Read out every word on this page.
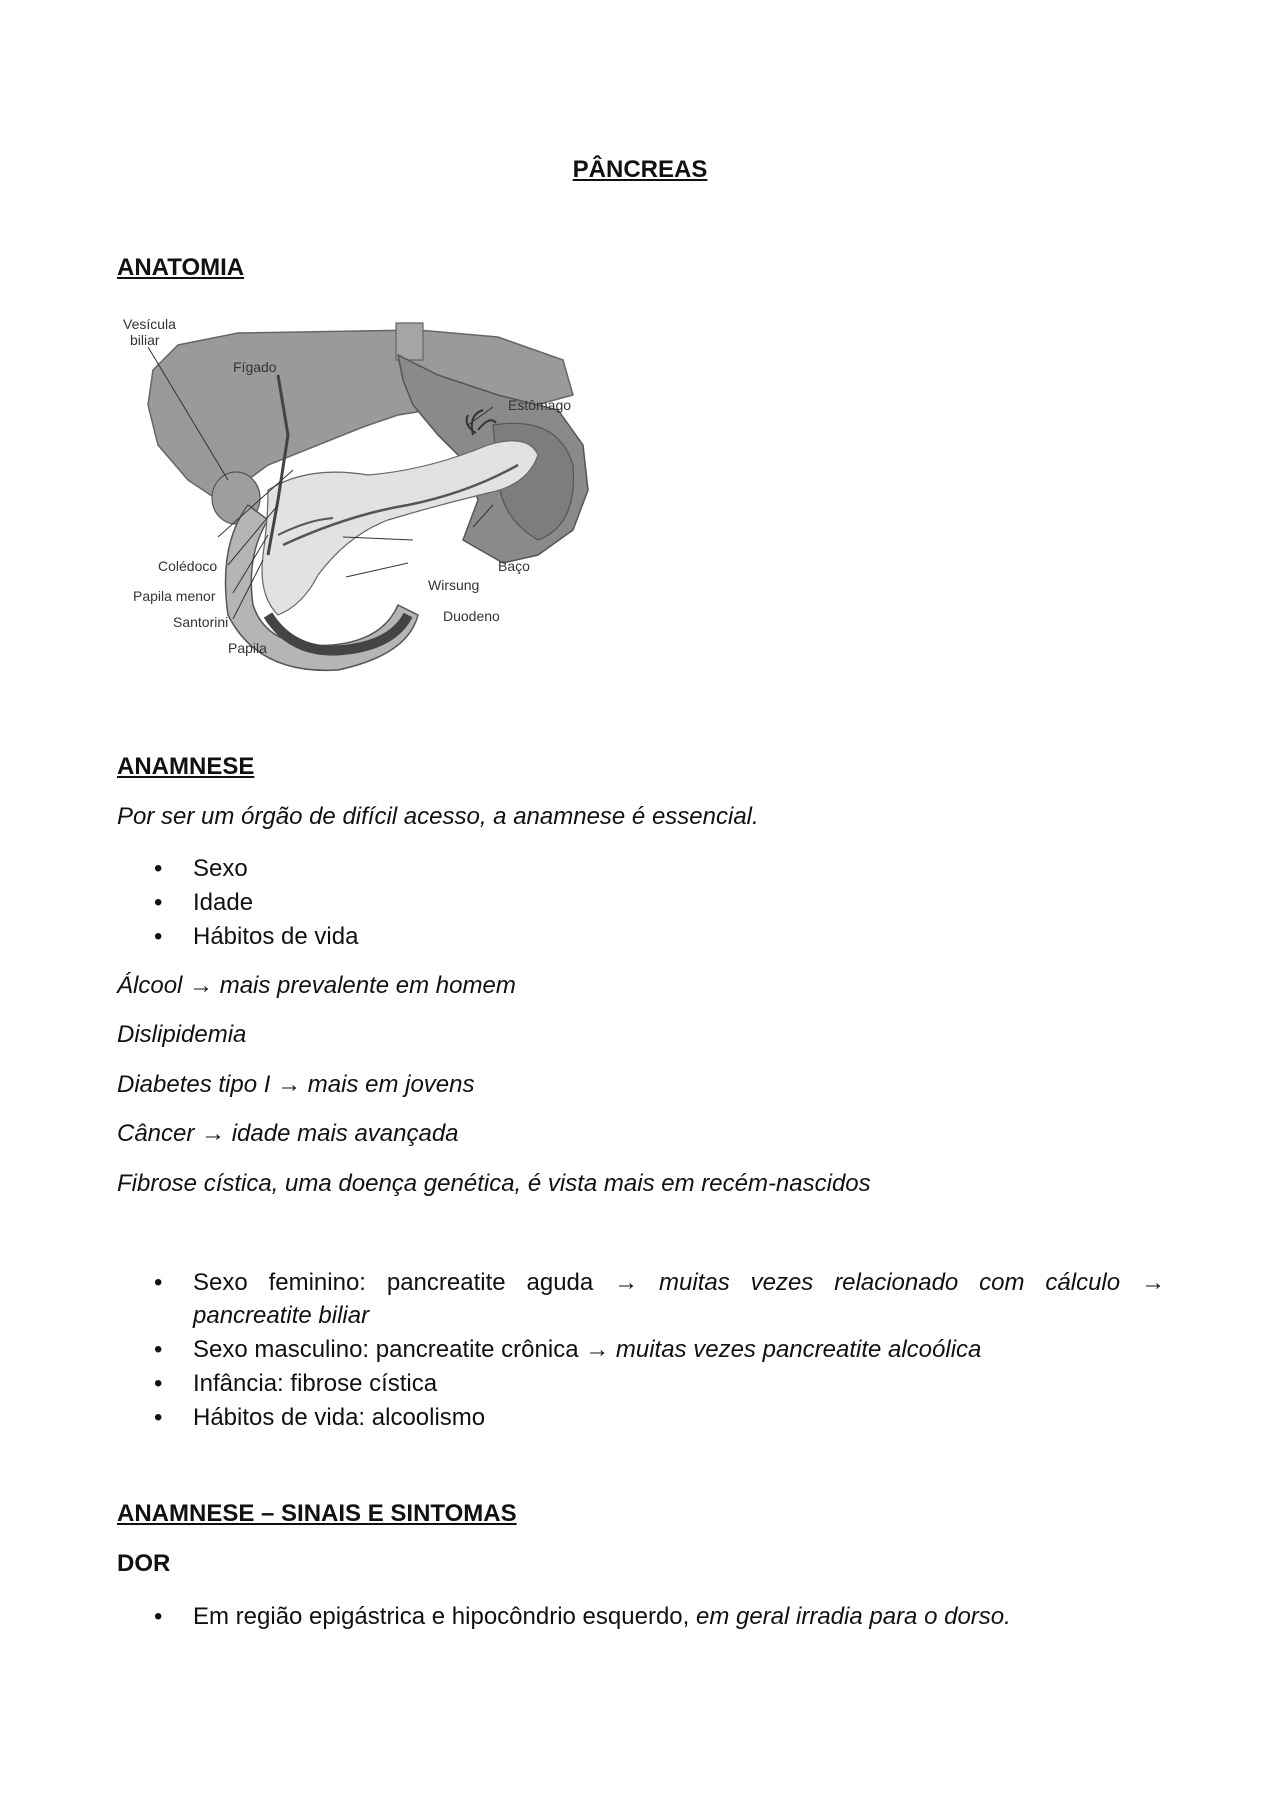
PÂNCREAS
ANATOMIA
Vesícula
biliar
Fígado
Estômago
Colédoco
Papila menor
Santorini
Papila
Wirsung
Baço
Duodeno
ANAMNESE
Por ser um órgão de difícil acesso, a anamnese é essencial.
• Sexo
• Idade
• Hábitos de vida
Álcool → mais prevalente em homem
Dislipidemia
Diabetes tipo I → mais em jovens
Câncer → idade mais avançada
Fibrose cística, uma doença genética, é vista mais em recém-nascidos
• Sexo feminino: pancreatite aguda → muitas vezes relacionado com cálculo →
pancreatite biliar
• Sexo masculino: pancreatite crônica → muitas vezes pancreatite alcoólica
• Infância: fibrose cística
• Hábitos de vida: alcoolismo
ANAMNESE – SINAIS E SINTOMAS
DOR
• Em região epigástrica e hipocôndrio esquerdo, em geral irradia para o dorso.
